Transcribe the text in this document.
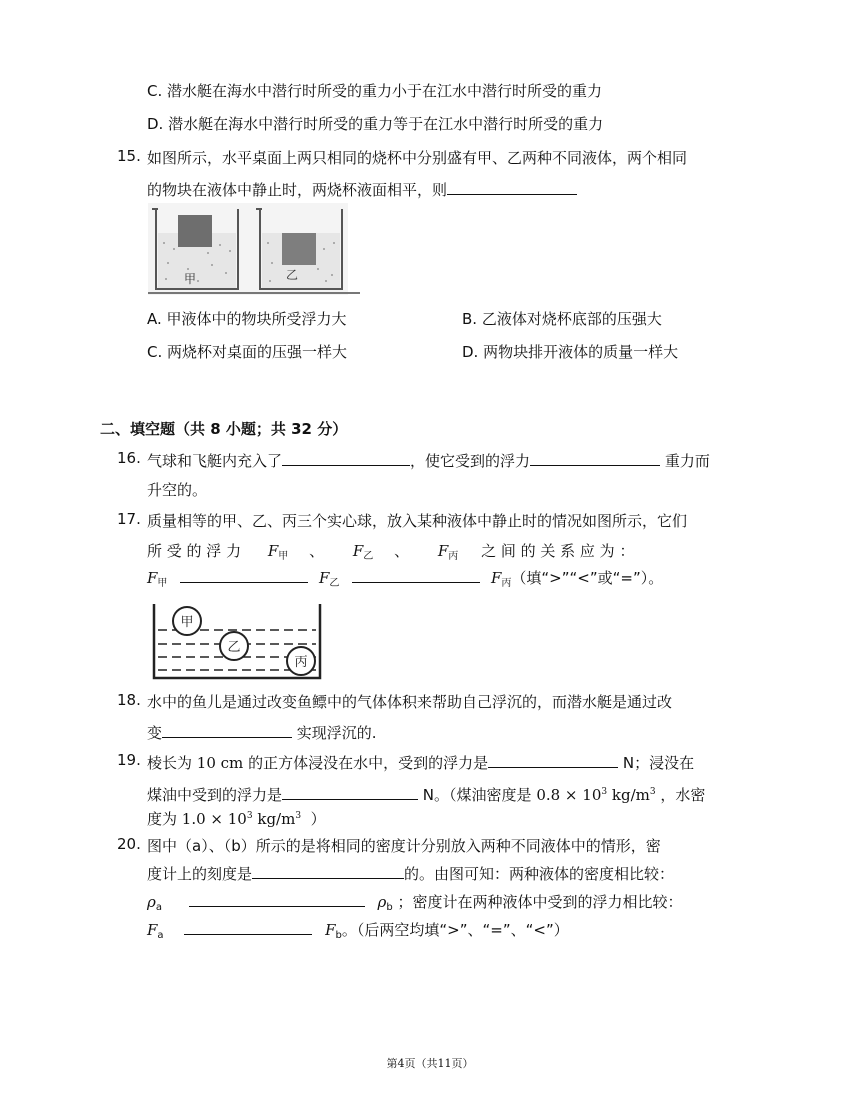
C. 潜水艇在海水中潜行时所受的重力小于在江水中潜行时所受的重力
D. 潜水艇在海水中潜行时所受的重力等于在江水中潜行时所受的重力
15. 如图所示，水平桌面上两只相同的烧杯中分别盛有甲、乙两种不同液体，两个相同
的物块在液体中静止时，两烧杯液面相平，则
甲	乙
A. 甲液体中的物块所受浮力大	B. 乙液体对烧杯底部的压强大
C. 两烧杯对桌面的压强一样大	D. 两物块排开液体的质量一样大
二、填空题（共 8 小题；共 32 分）
16. 气球和飞艇内充入了	，使它受到的浮力	重力而
升空的。
17. 质量相等的甲、乙、丙三个实心球，放入某种液体中静止时的情况如图所示，它们
所 受 的 浮 力 $F_甲$ 、 $F_乙$ 、 $F_丙$ 之 间 的 关 系 应 为 ：
$F_甲$	$F_乙$	$F_丙$（填“>”“<”或“=”）。
甲
乙
丙
18. 水中的鱼儿是通过改变鱼鳔中的气体体积来帮助自己浮沉的，而潜水艇是通过改
变	实现浮沉的.
19. 棱长为 10 cm 的正方体浸没在水中，受到的浮力是	N；浸没在
煤油中受到的浮力是	N。（煤油密度是 $0.8 \times 10^3$ $kg/m^3$ ，水密
度为 $1.0 \times 10^3$ $kg/m^3$ ）
20. 图中（a）、（b）所示的是将相同的密度计分别放入两种不同液体中的情形，密
度计上的刻度是	的。由图可知：两种液体的密度相比较：
$\rho_a$	$\rho_b$ ；密度计在两种液体中受到的浮力相比较：
$F_a$	$F_b$。（后两空均填“>”、“=”、“<”）
第4页（共11页）
